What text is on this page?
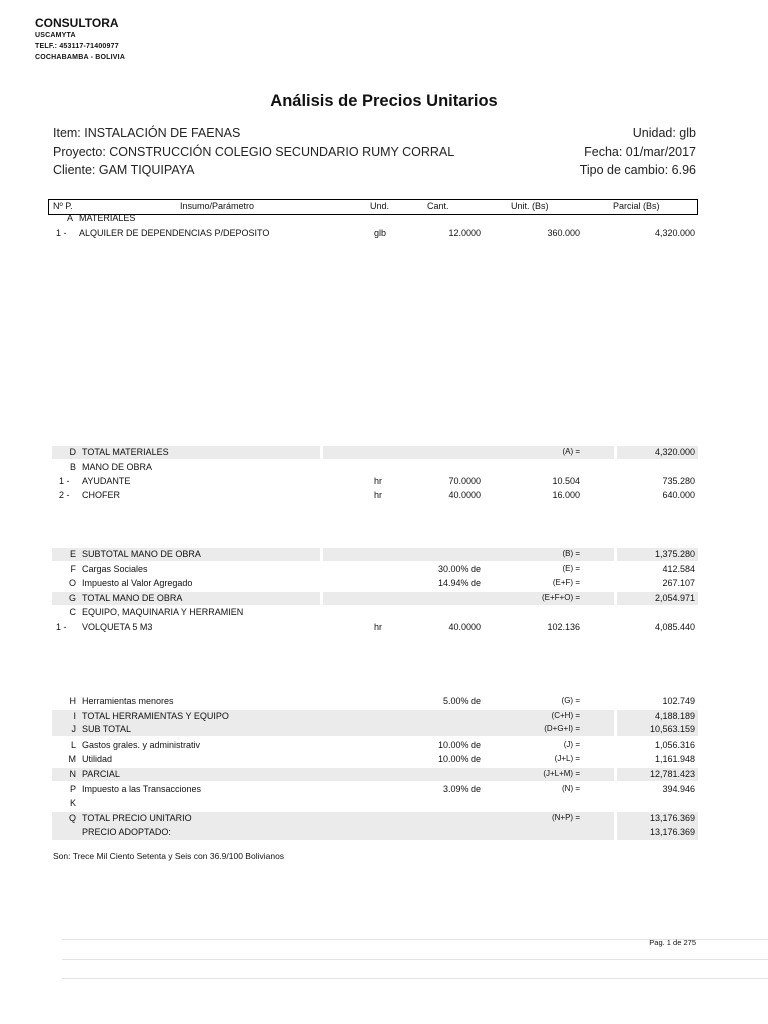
CONSULTORA
USCAMYTA
TELF.: 453117-71400977
COCHABAMBA - BOLIVIA
Análisis de Precios Unitarios
Item: INSTALACIÓN DE FAENAS
Proyecto: CONSTRUCCIÓN COLEGIO SECUNDARIO RUMY CORRAL
Cliente: GAM TIQUIPAYA
Unidad: glb
Fecha: 01/mar/2017
Tipo de cambio: 6.96
Nº P.	Insumo/Parámetro	Und.	Cant.	Unit. (Bs)	Parcial (Bs)
A MATERIALES
1 - ALQUILER DE DEPENDENCIAS P/DEPOSITO	glb	12.0000	360.000	4,320.000
D TOTAL MATERIALES	(A) =	4,320.000
B MANO DE OBRA
1 - AYUDANTE	hr	70.0000	10.504	735.280
2 - CHOFER	hr	40.0000	16.000	640.000
E SUBTOTAL MANO DE OBRA	(B) =	1,375.280
F Cargas Sociales	30.00% de	(E) =	412.584
O Impuesto al Valor Agregado	14.94% de	(E+F) =	267.107
G TOTAL MANO DE OBRA	(E+F+O) =	2,054.971
C EQUIPO, MAQUINARIA Y HERRAMIEN
1 - VOLQUETA 5 M3	hr	40.0000	102.136	4,085.440
H Herramientas menores	5.00% de	(G) =	102.749
I TOTAL HERRAMIENTAS Y EQUIPO	(C+H) =	4,188.189
J SUB TOTAL	(D+G+I) =	10,563.159
L Gastos grales. y administrativ	10.00% de	(J) =	1,056.316
M Utilidad	10.00% de	(J+L) =	1,161.948
N PARCIAL	(J+L+M) =	12,781.423
P Impuesto a las Transacciones	3.09% de	(N) =	394.946
K
Q TOTAL PRECIO UNITARIO	(N+P) =	13,176.369
PRECIO ADOPTADO:	13,176.369
Son: Trece Mil Ciento Setenta y Seis con 36.9/100 Bolivianos
Pag. 1 de 275
